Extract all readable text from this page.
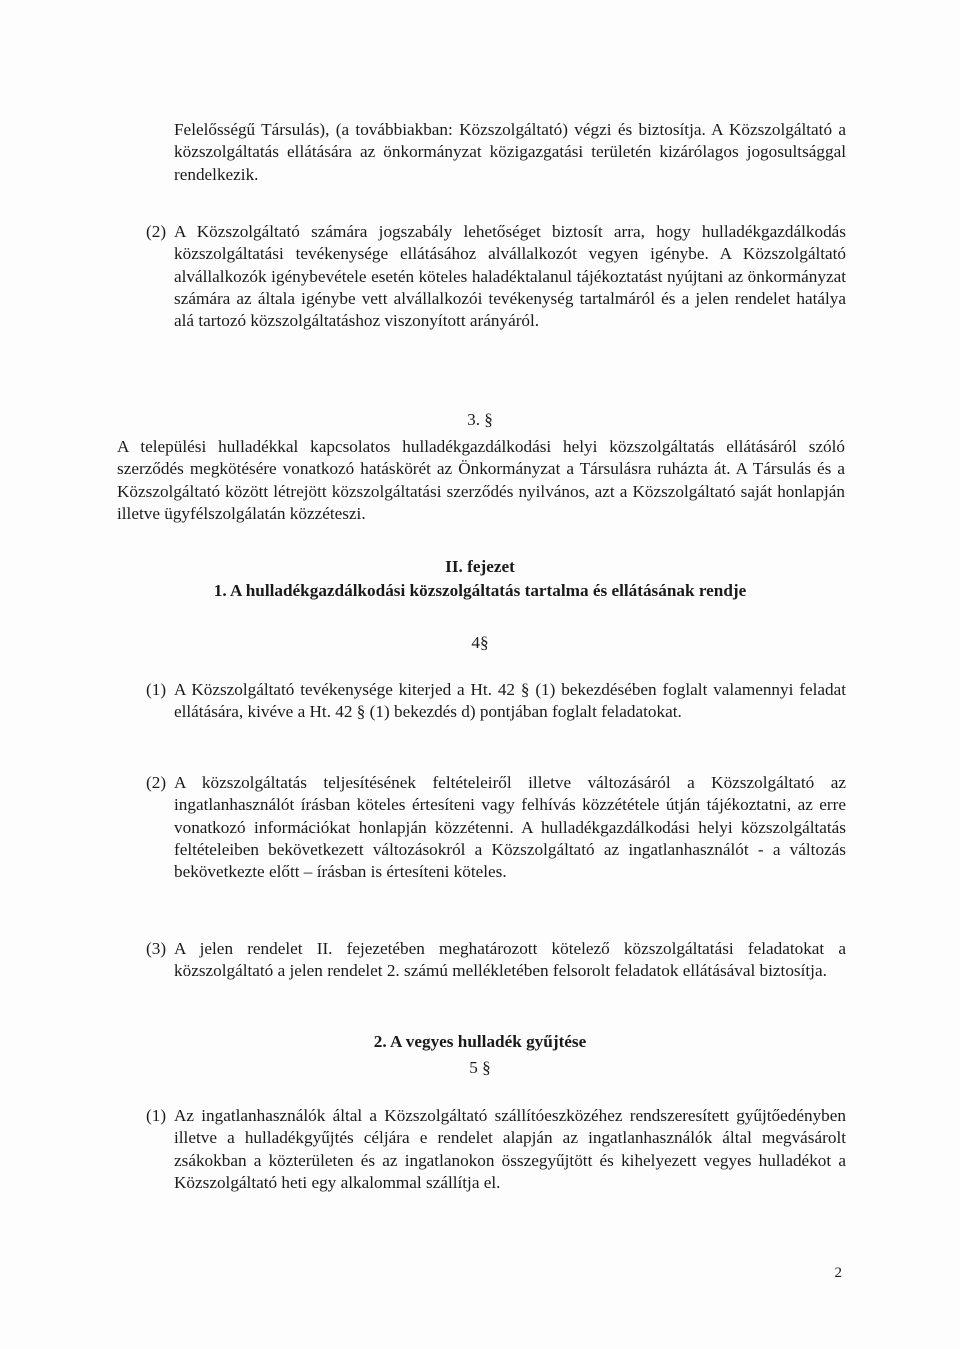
Felelősségű Társulás), (a továbbiakban: Közszolgáltató) végzi és biztosítja. A Közszolgáltató a közszolgáltatás ellátására az önkormányzat közigazgatási területén kizárólagos jogosultsággal rendelkezik.
(2) A Közszolgáltató számára jogszabály lehetőséget biztosít arra, hogy hulladékgazdálkodás közszolgáltatási tevékenysége ellátásához alvállalkozót vegyen igénybe. A Közszolgáltató alvállalkozók igénybevétele esetén köteles haladéktalanul tájékoztatást nyújtani az önkormányzat számára az általa igénybe vett alvállalkozói tevékenység tartalmáról és a jelen rendelet hatálya alá tartozó közszolgáltatáshoz viszonyított arányáról.
3. §
A települési hulladékkal kapcsolatos hulladékgazdálkodási helyi közszolgáltatás ellátásáról szóló szerződés megkötésére vonatkozó hatáskörét az Önkormányzat a Társulásra ruházta át. A Társulás és a Közszolgáltató között létrejött közszolgáltatási szerződés nyilvános, azt a Közszolgáltató saját honlapján illetve ügyfélszolgálatán közzéteszi.
II. fejezet
1. A hulladékgazdálkodási közszolgáltatás tartalma és ellátásának rendje
4§
(1) A Közszolgáltató tevékenysége kiterjed a Ht. 42 § (1) bekezdésében foglalt valamennyi feladat ellátására, kivéve a Ht. 42 § (1) bekezdés d) pontjában foglalt feladatokat.
(2) A közszolgáltatás teljesítésének feltételeiről illetve változásáról a Közszolgáltató az ingatlanhasználót írásban köteles értesíteni vagy felhívás közzététele útján tájékoztatni, az erre vonatkozó információkat honlapján közzétenni. A hulladékgazdálkodási helyi közszolgáltatás feltételeiben bekövetkezett változásokról a Közszolgáltató az ingatlanhasználót - a változás bekövetkezte előtt – írásban is értesíteni köteles.
(3) A jelen rendelet II. fejezetében meghatározott kötelező közszolgáltatási feladatokat a közszolgáltató a jelen rendelet 2. számú mellékletében felsorolt feladatok ellátásával biztosítja.
2. A vegyes hulladék gyűjtése
5 §
(1) Az ingatlanhasználók által a Közszolgáltató szállítóeszközéhez rendszeresített gyűjtőedényben illetve a hulladékgyűjtés céljára e rendelet alapján az ingatlanhasználók által megvásárolt zsákokban a közterületen és az ingatlanokon összegyűjtött és kihelyezett vegyes hulladékot a Közszolgáltató heti egy alkalommal szállítja el.
2
